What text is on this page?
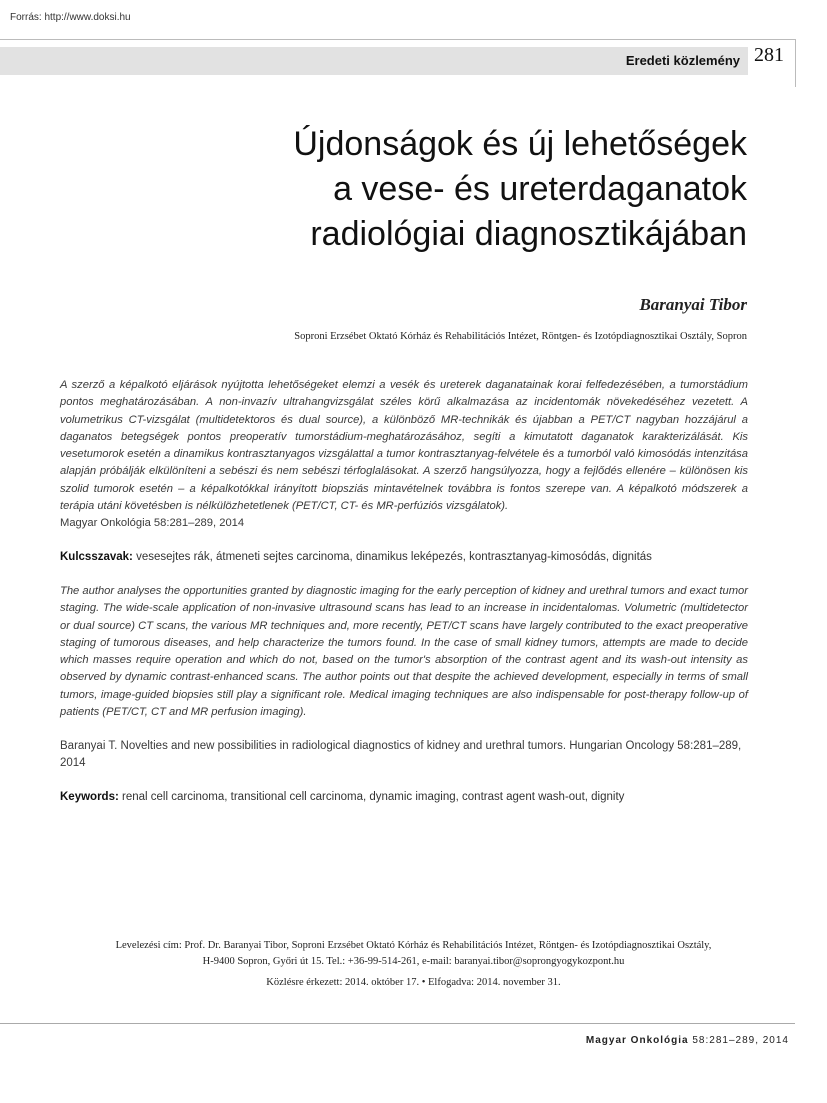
Forrás: http://www.doksi.hu
Eredeti közlemény 281
Újdonságok és új lehetőségek
a vese- és ureterdaganatok
radiológiai diagnosztikájában
Baranyai Tibor
Soproni Erzsébet Oktató Kórház és Rehabilitációs Intézet, Röntgen- és Izotópdiagnosztikai Osztály, Sopron
A szerző a képalkotó eljárások nyújtotta lehetőségeket elemzi a vesék és ureterek daganatainak korai felfedezésében, a tumorstádium pontos meghatározásában. A non-invazív ultrahangvizsgálat széles körű alkalmazása az incidentomák növekedéséhez vezetett. A volumetrikus CT-vizsgálat (multidetektoros és dual source), a különböző MR-technikák és újabban a PET/CT nagyban hozzájárul a daganatos betegségek pontos preoperatív tumorstádium-meghatározásához, segíti a kimutatott daganatok karakterizálását. Kis vesetumorok esetén a dinamikus kontrasztanyagos vizsgálattal a tumor kontrasztanyag-felvétele és a tumorból való kimosódás intenzitása alapján próbálják elkülöníteni a sebészi és nem sebészi térfoglalásokat. A szerző hangsúlyozza, hogy a fejlődés ellenére – különösen kis szolid tumorok esetén – a képalkotókkal irányított biopsziás mintavételnek továbbra is fontos szerepe van. A képalkotó módszerek a terápia utáni követésben is nélkülözhetetlenek (PET/CT, CT- és MR-perfúziós vizsgálatok).
Magyar Onkológia 58:281–289, 2014
Kulcsszavak: vesesejtes rák, átmeneti sejtes carcinoma, dinamikus leképezés, kontrasztanyag-kimosódás, dignitás
The author analyses the opportunities granted by diagnostic imaging for the early perception of kidney and urethral tumors and exact tumor staging. The wide-scale application of non-invasive ultrasound scans has lead to an increase in incidentalomas. Volumetric (multidetector or dual source) CT scans, the various MR techniques and, more recently, PET/CT scans have largely contributed to the exact preoperative staging of tumorous diseases, and help characterize the tumors found. In the case of small kidney tumors, attempts are made to decide which masses require operation and which do not, based on the tumor's absorption of the contrast agent and its wash-out intensity as observed by dynamic contrast-enhanced scans. The author points out that despite the achieved development, especially in terms of small tumors, image-guided biopsies still play a significant role. Medical imaging techniques are also indispensable for post-therapy follow-up of patients (PET/CT, CT and MR perfusion imaging).
Baranyai T. Novelties and new possibilities in radiological diagnostics of kidney and urethral tumors. Hungarian Oncology 58:281–289, 2014
Keywords: renal cell carcinoma, transitional cell carcinoma, dynamic imaging, contrast agent wash-out, dignity
Levelezési cím: Prof. Dr. Baranyai Tibor, Soproni Erzsébet Oktató Kórház és Rehabilitációs Intézet, Röntgen- és Izotópdiagnosztikai Osztály,
H-9400 Sopron, Győri út 15. Tel.: +36-99-514-261, e-mail: baranyai.tibor@soprongyogykozpont.hu
Közlésre érkezett: 2014. október 17. • Elfogadva: 2014. november 31.
Magyar Onkológia 58:281–289, 2014
